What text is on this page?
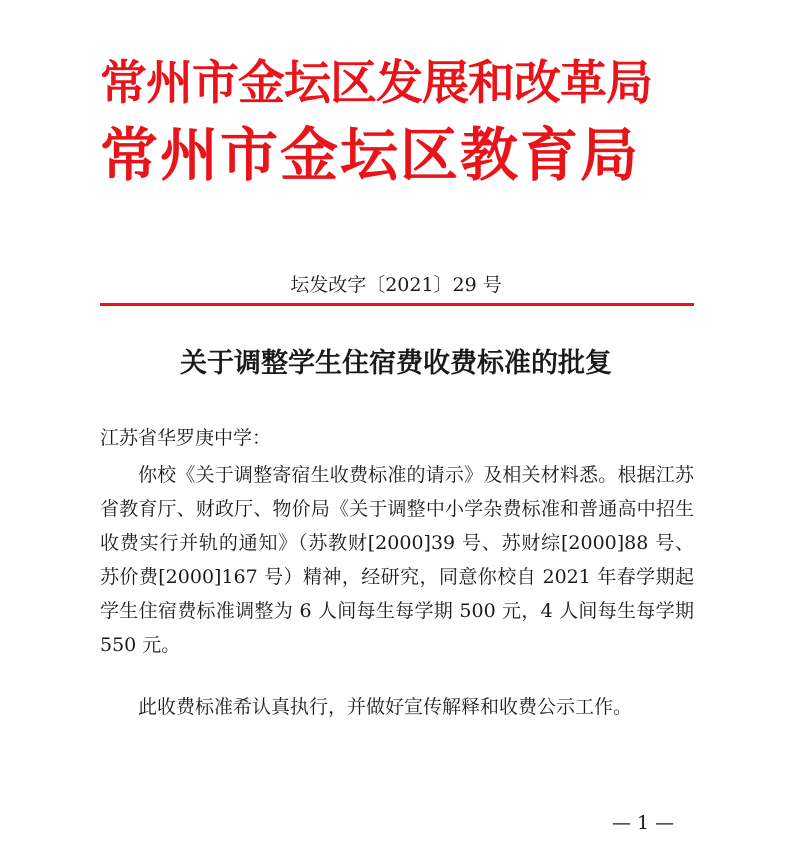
常州市金坛区发展和改革局
常州市金坛区教育局
坛发改字〔2021〕29 号
关于调整学生住宿费收费标准的批复
江苏省华罗庚中学：

你校《关于调整寄宿生收费标准的请示》及相关材料悉。根据江苏省教育厅、财政厅、物价局《关于调整中小学杂费标准和普通高中招生收费实行并轨的通知》（苏教财[2000]39 号、苏财综[2000]88 号、苏价费[2000]167 号）精神，经研究，同意你校自 2021 年春学期起学生住宿费标准调整为 6 人间每生每学期 500 元，4 人间每生每学期 550 元。

此收费标准希认真执行，并做好宣传解释和收费公示工作。

— 1 —
